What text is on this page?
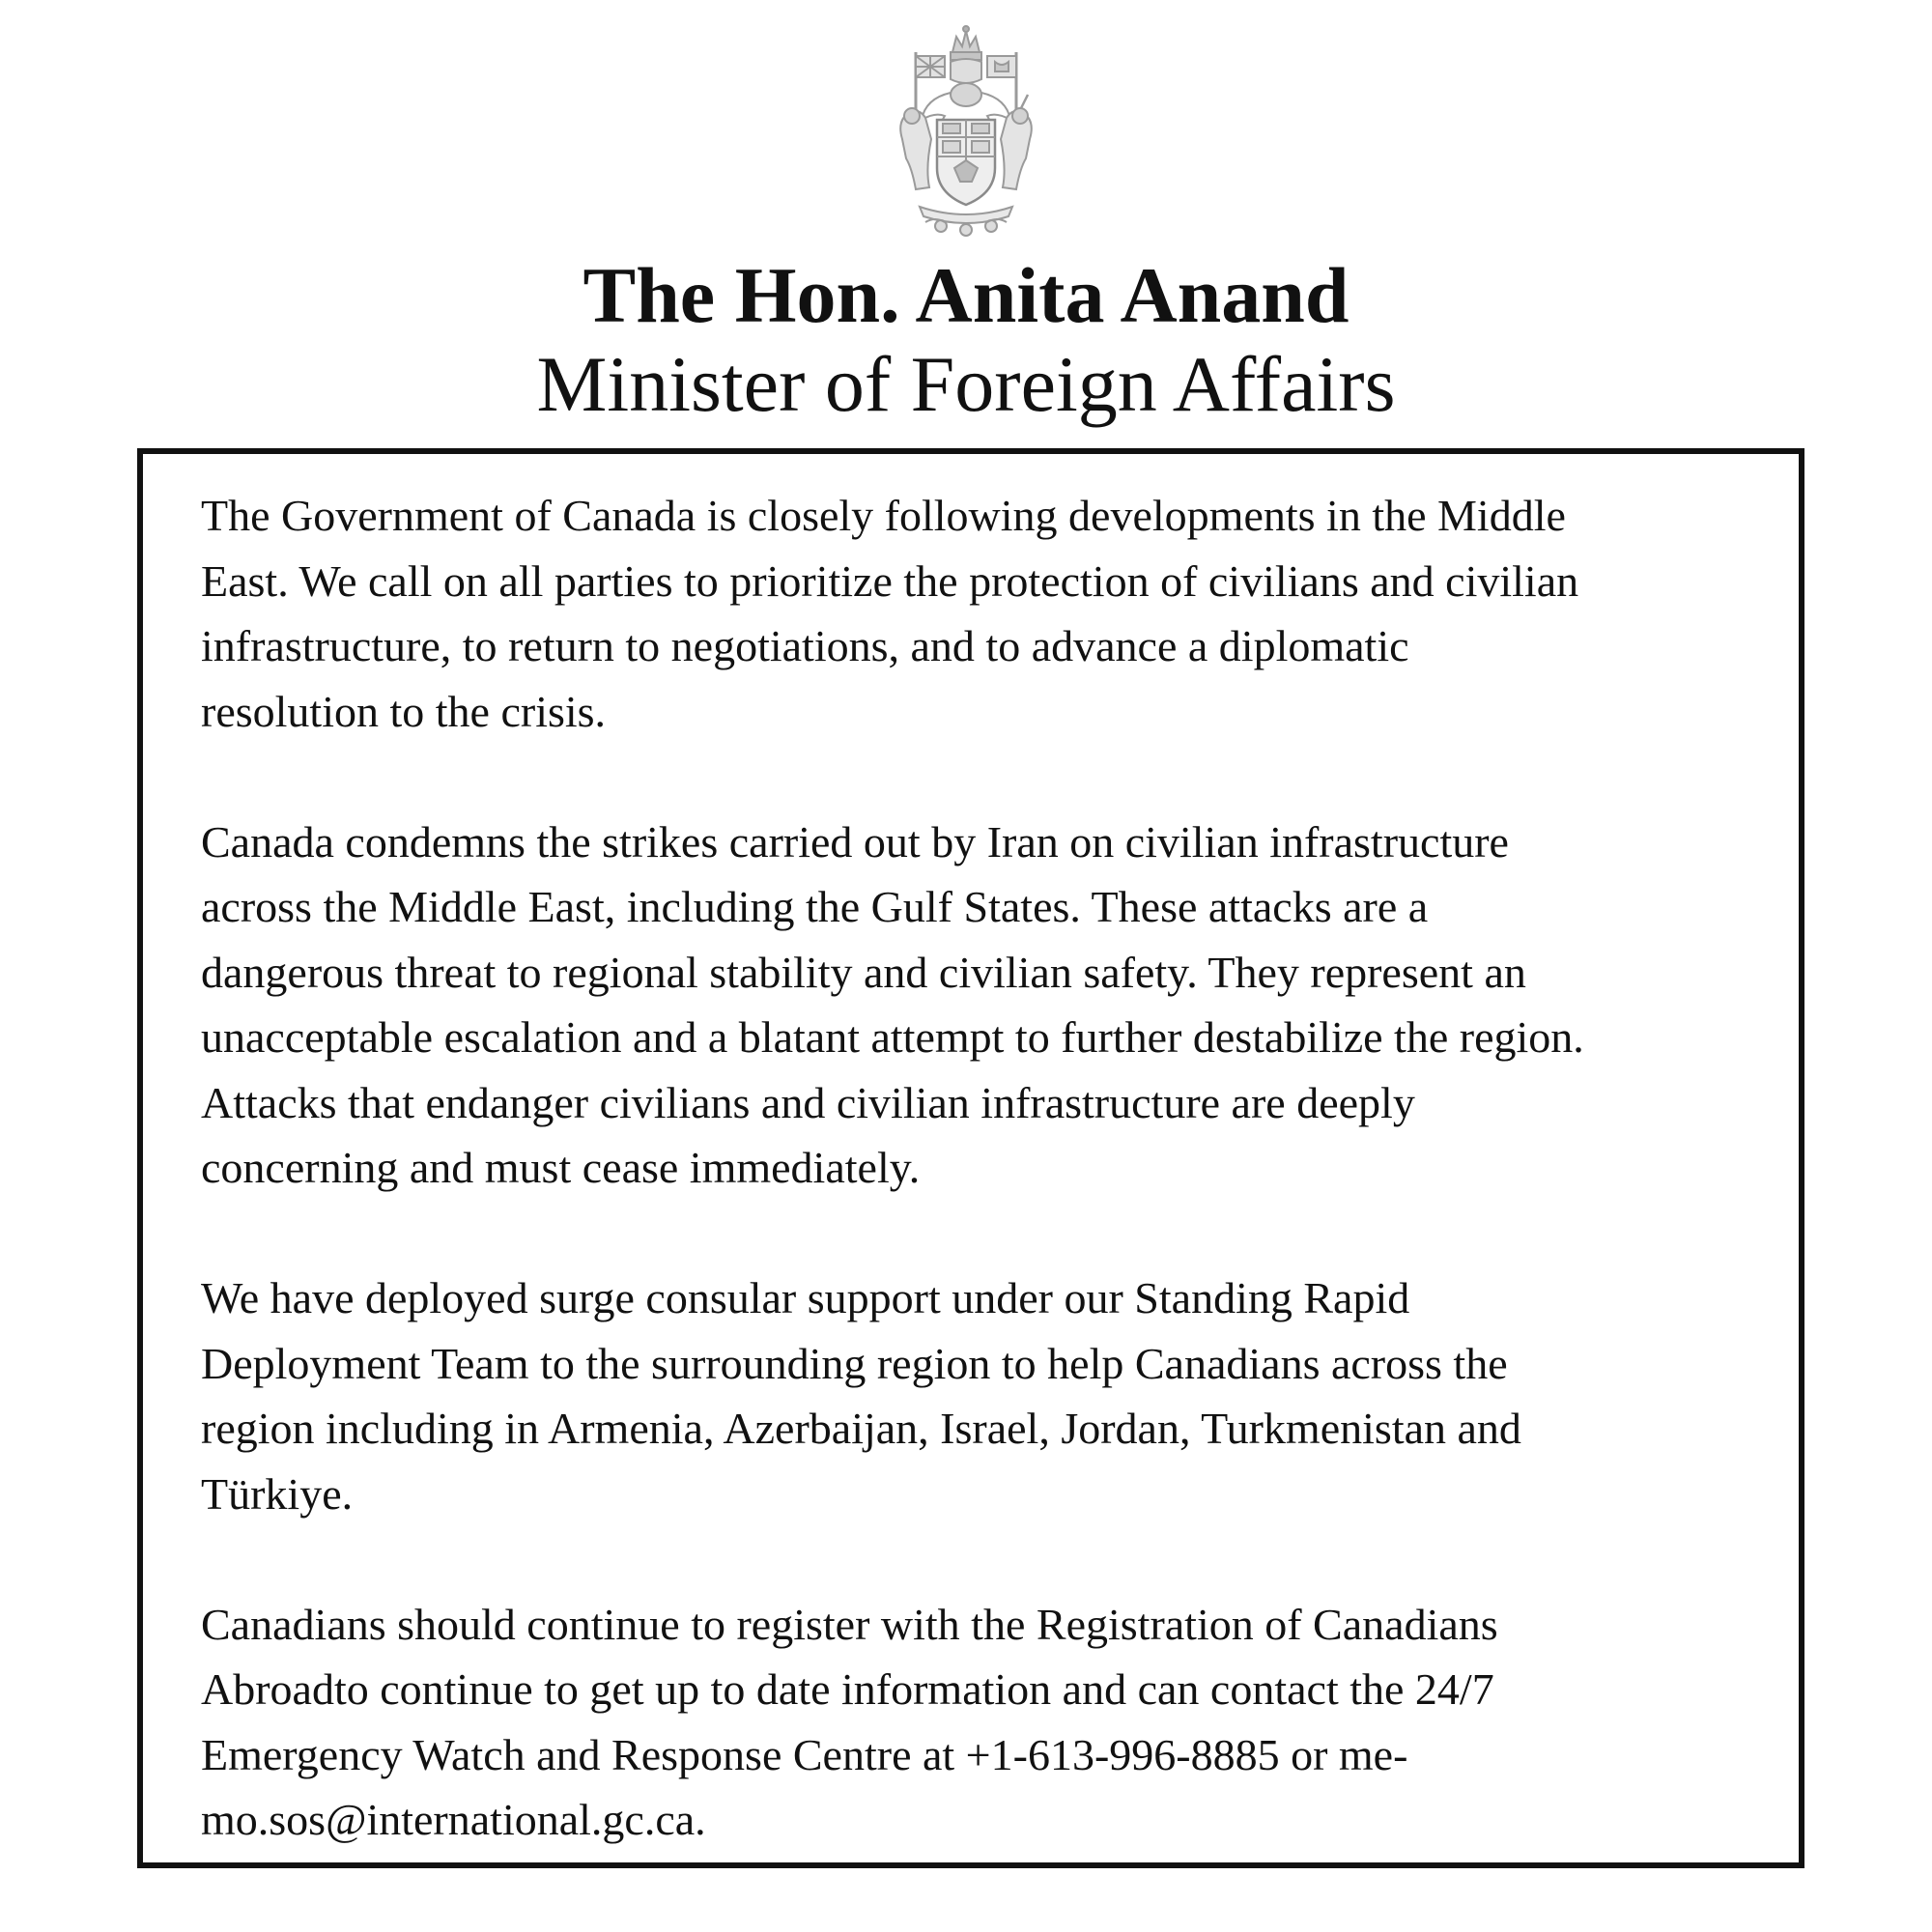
The Hon. Anita Anand
Minister of Foreign Affairs

The Government of Canada is closely following developments in the Middle
East. We call on all parties to prioritize the protection of civilians and civilian
infrastructure, to return to negotiations, and to advance a diplomatic
resolution to the crisis.

Canada condemns the strikes carried out by Iran on civilian infrastructure
across the Middle East, including the Gulf States. These attacks are a
dangerous threat to regional stability and civilian safety. They represent an
unacceptable escalation and a blatant attempt to further destabilize the region.
Attacks that endanger civilians and civilian infrastructure are deeply
concerning and must cease immediately.

We have deployed surge consular support under our Standing Rapid
Deployment Team to the surrounding region to help Canadians across the
region including in Armenia, Azerbaijan, Israel, Jordan, Turkmenistan and
Türkiye.

Canadians should continue to register with the Registration of Canadians
Abroadto continue to get up to date information and can contact the 24/7
Emergency Watch and Response Centre at +1-613-996-8885 or me-
mo.sos@international.gc.ca.
